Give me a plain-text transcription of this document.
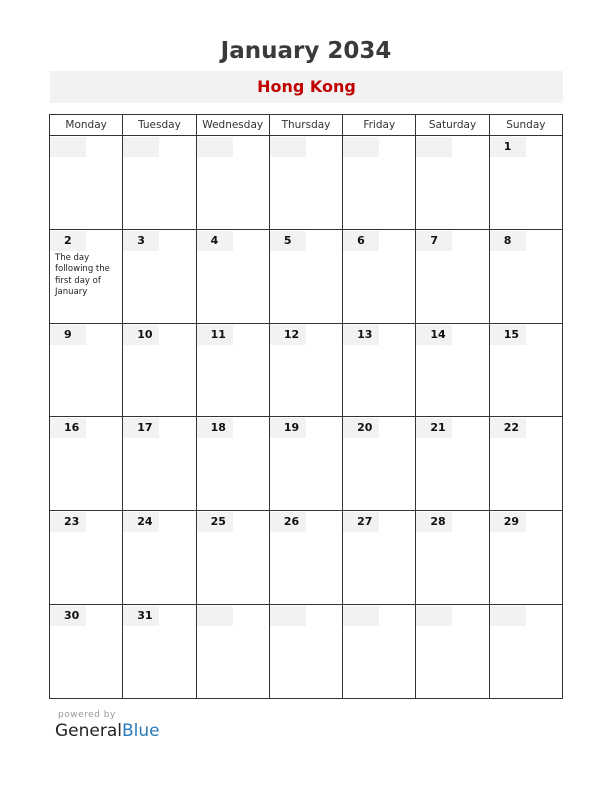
January 2034
Hong Kong
Monday	Tuesday	Wednesday	Thursday	Friday	Saturday	Sunday

						1

2
The day following the first day of January	3	4	5	6	7	8

9	10	11	12	13	14	15

16	17	18	19	20	21	22

23	24	25	26	27	28	29

30	31					

powered by
GeneralBlue
